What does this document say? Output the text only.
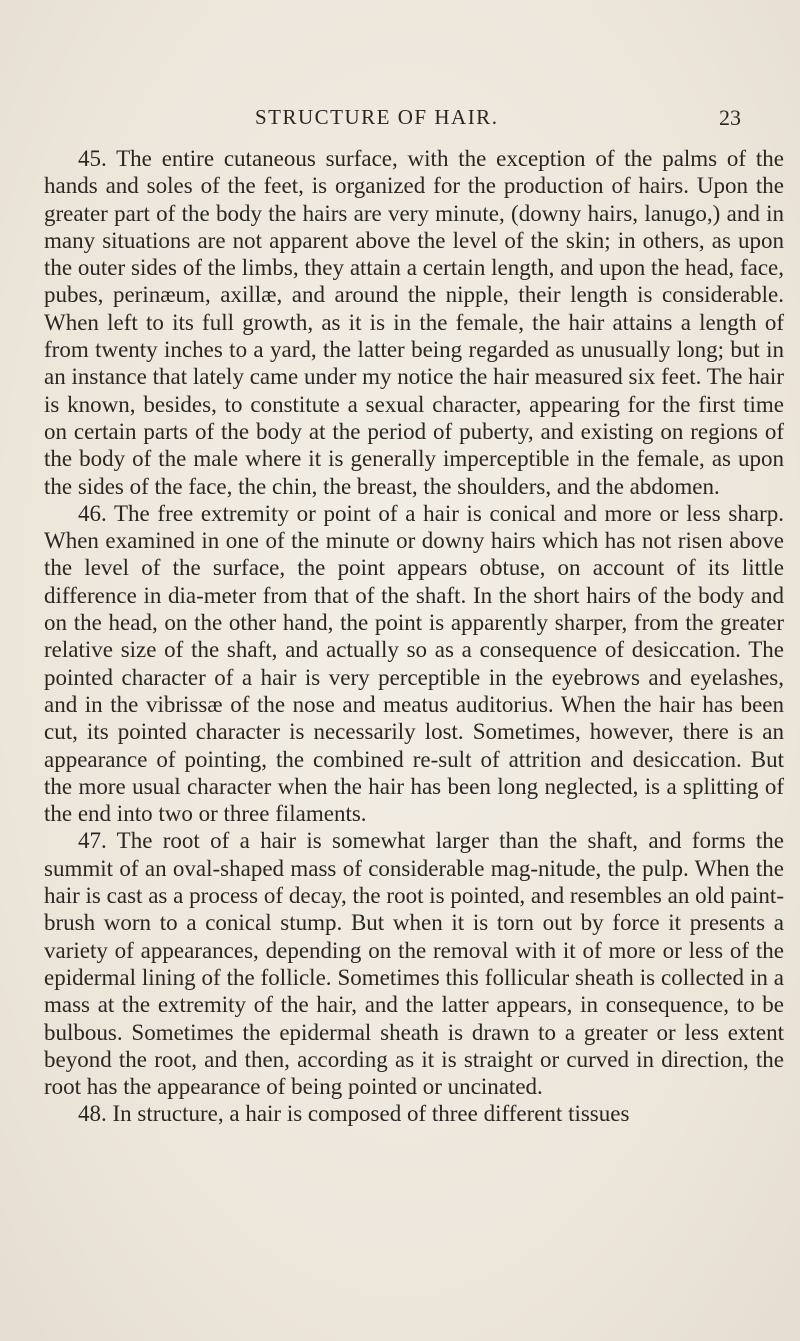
STRUCTURE OF HAIR.	23

45. The entire cutaneous surface, with the exception of the palms of the hands and soles of the feet, is organized for the production of hairs. Upon the greater part of the body the hairs are very minute, (downy hairs, lanugo,) and in many situations are not apparent above the level of the skin; in others, as upon the outer sides of the limbs, they attain a certain length, and upon the head, face, pubes, perinæum, axillæ, and around the nipple, their length is considerable. When left to its full growth, as it is in the female, the hair attains a length of from twenty inches to a yard, the latter being regarded as unusually long; but in an instance that lately came under my notice the hair measured six feet. The hair is known, besides, to constitute a sexual character, appearing for the first time on certain parts of the body at the period of puberty, and existing on regions of the body of the male where it is generally imperceptible in the female, as upon the sides of the face, the chin, the breast, the shoulders, and the abdomen.

46. The free extremity or point of a hair is conical and more or less sharp. When examined in one of the minute or downy hairs which has not risen above the level of the surface, the point appears obtuse, on account of its little difference in dia-meter from that of the shaft. In the short hairs of the body and on the head, on the other hand, the point is apparently sharper, from the greater relative size of the shaft, and actually so as a consequence of desiccation. The pointed character of a hair is very perceptible in the eyebrows and eyelashes, and in the vibrissæ of the nose and meatus auditorius. When the hair has been cut, its pointed character is necessarily lost. Sometimes, however, there is an appearance of pointing, the combined re-sult of attrition and desiccation. But the more usual character when the hair has been long neglected, is a splitting of the end into two or three filaments.

47. The root of a hair is somewhat larger than the shaft, and forms the summit of an oval-shaped mass of considerable mag-nitude, the pulp. When the hair is cast as a process of decay, the root is pointed, and resembles an old paint-brush worn to a conical stump. But when it is torn out by force it presents a variety of appearances, depending on the removal with it of more or less of the epidermal lining of the follicle. Sometimes this follicular sheath is collected in a mass at the extremity of the hair, and the latter appears, in consequence, to be bulbous. Sometimes the epidermal sheath is drawn to a greater or less extent beyond the root, and then, according as it is straight or curved in direction, the root has the appearance of being pointed or uncinated.

48. In structure, a hair is composed of three different tissues
